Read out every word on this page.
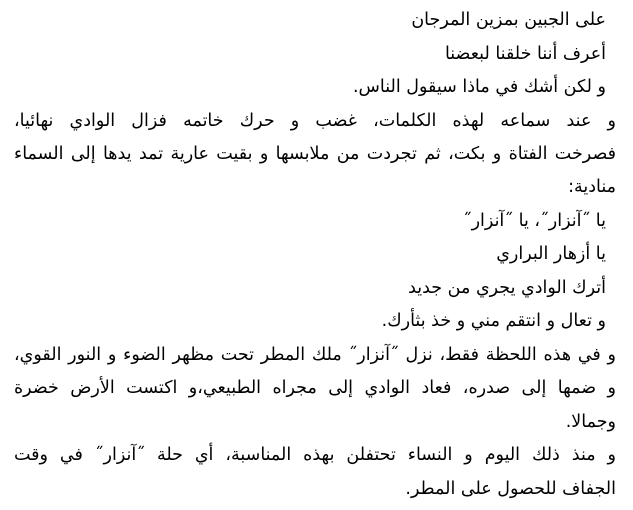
على الجبين بمزين المرجان
أعرف أننا خلقنا لبعضنا
و لكن أشك في ماذا سيقول الناس.
و عند سماعه لهذه الكلمات، غضب و حرك خاتمه فزال الوادي نهائيا،
فصرخت الفتاة و بكت، ثم تجردت من ملابسها و بقيت عارية تمد يدها إلى السماء
منادية:
يا ˝آنزار˝، يا ˝آنزار˝
يا أزهار البراري
أترك الوادي يجري من جديد
و تعال و انتقم مني و خذ بثأرك.
و في هذه اللحظة فقط، نزل ˝آنزار˝ ملك المطر تحت مظهر الضوء و النور القوي،
و ضمها إلى صدره، فعاد الوادي إلى مجراه الطبيعي،و اكتست الأرض خضرة
وجمالا.
و منذ ذلك اليوم و النساء تحتفلن بهذه المناسبة، أي حلة ˝آنزار˝ في وقت
الجفاف للحصول على المطر.
